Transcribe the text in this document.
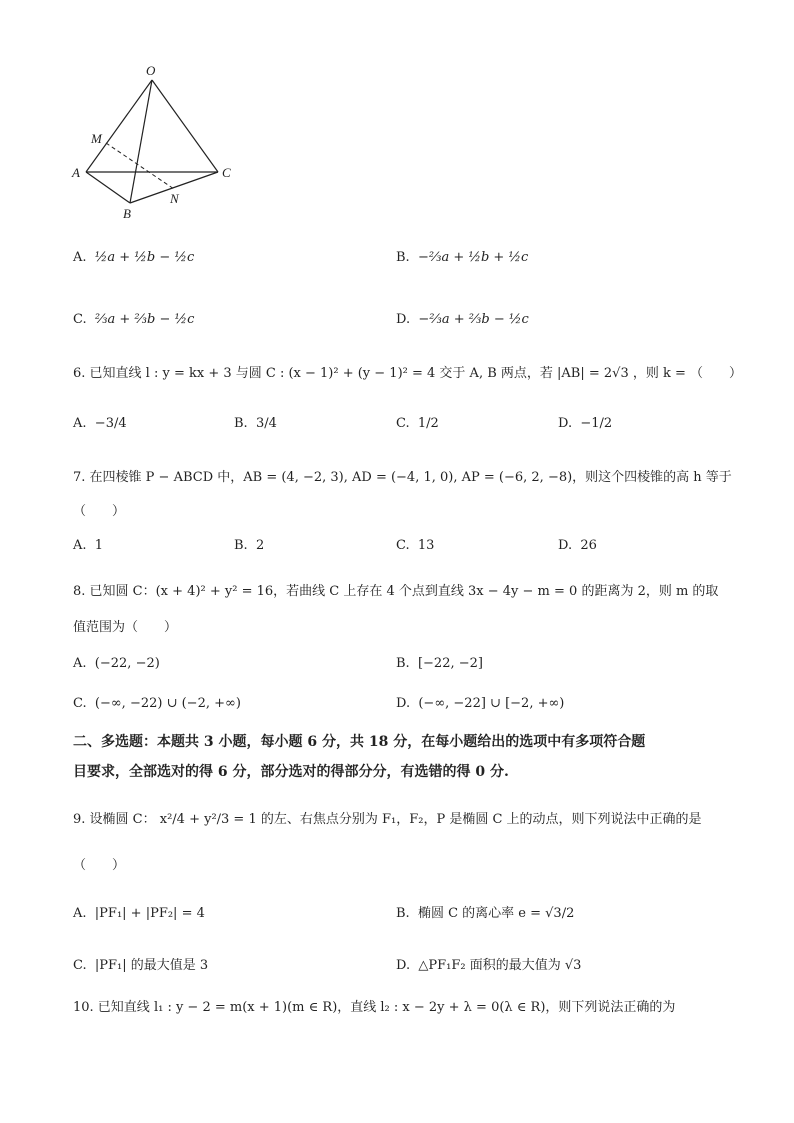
O
M
A	C
B
N
A. ½a + ½b − ½c	B. −⅔a + ½b + ½c
C. ⅔a + ⅔b − ½c	D. −⅔a + ⅔b − ½c
6. 已知直线 l : y = kx + 3 与圆 C : (x − 1)² + (y − 1)² = 4 交于 A, B 两点，若 |AB| = 2√3 ，则 k = （　　）
A. −3/4	B. 3/4	C. 1/2	D. −1/2
7. 在四棱锥 P − ABCD 中，AB = (4, −2, 3), AD = (−4, 1, 0), AP = (−6, 2, −8)，则这个四棱锥的高 h 等于
（　　）
A. 1	B. 2	C. 13	D. 26
8. 已知圆 C：(x + 4)² + y² = 16，若曲线 C 上存在 4 个点到直线 3x − 4y − m = 0 的距离为 2，则 m 的取
值范围为（　　）
A. (−22, −2)	B. [−22, −2]
C. (−∞, −22) ∪ (−2, +∞)	D. (−∞, −22] ∪ [−2, +∞)
二、多选题：本题共 3 小题，每小题 6 分，共 18 分，在每小题给出的选项中有多项符合题
目要求，全部选对的得 6 分，部分选对的得部分分，有选错的得 0 分.
9. 设椭圆 C： x²/4 + y²/3 = 1 的左、右焦点分别为 F₁，F₂，P 是椭圆 C 上的动点，则下列说法中正确的是
（　　）
A. |PF₁| + |PF₂| = 4	B. 椭圆 C 的离心率 e = √3/2
C. |PF₁| 的最大值是 3	D. △PF₁F₂ 面积的最大值为 √3
10. 已知直线 l₁ : y − 2 = m(x + 1)(m ∈ R)，直线 l₂ : x − 2y + λ = 0(λ ∈ R)，则下列说法正确的为
